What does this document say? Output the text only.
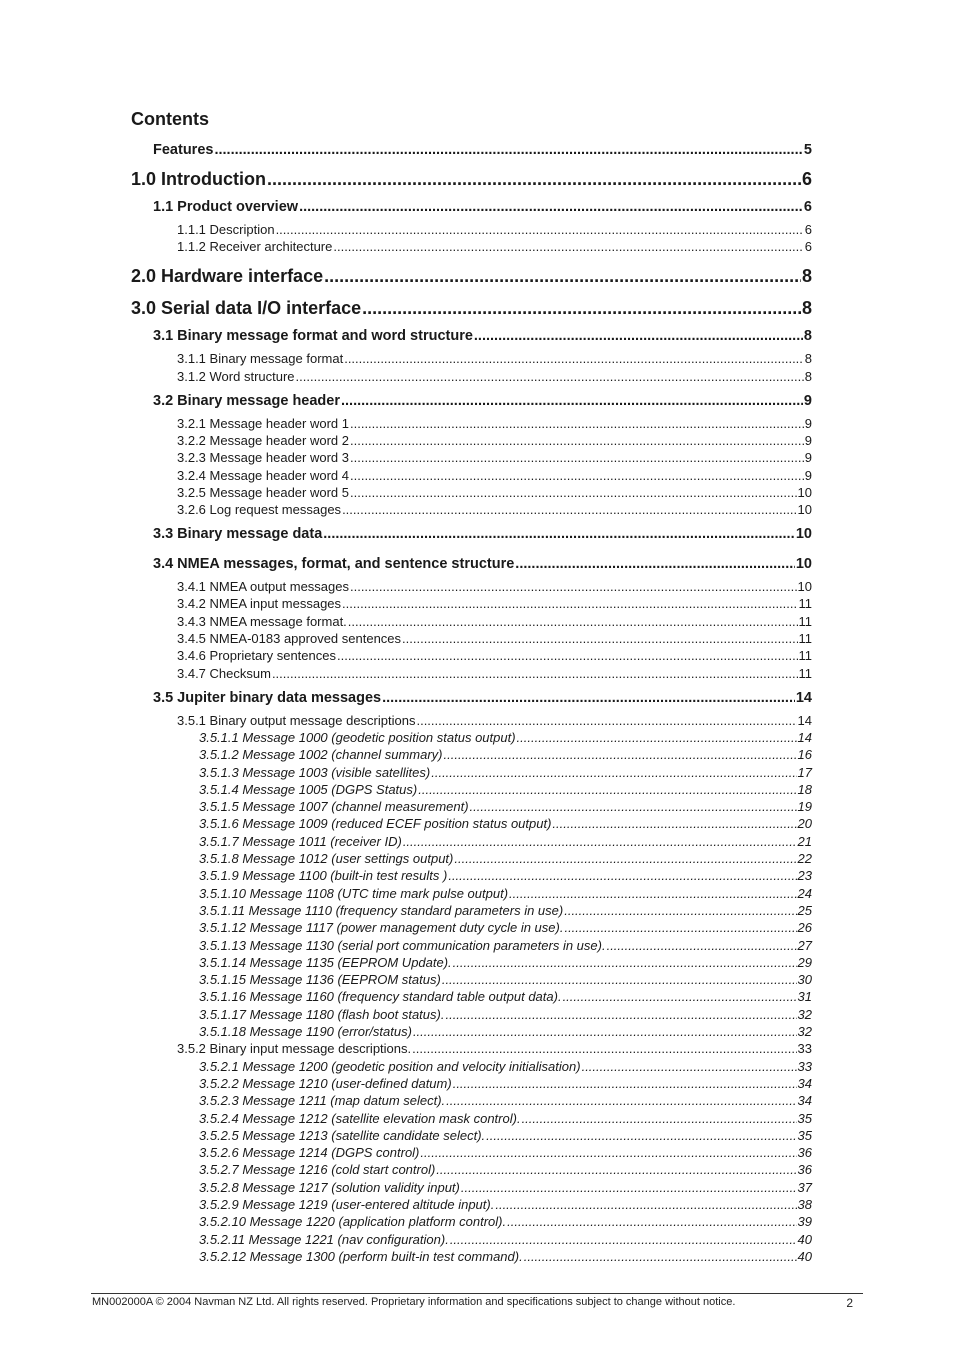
Contents
Features .....	5
1.0 Introduction .....	6
1.1 Product overview .....	6
1.1.1 Description .....	6
1.1.2 Receiver architecture .....	6
2.0 Hardware interface .....	8
3.0 Serial data I/O interface .....	8
3.1 Binary message format and word structure .....	8
3.1.1 Binary message format .....	8
3.1.2 Word structure .....	8
3.2 Binary message header .....	9
3.2.1 Message header word 1 .....	9
3.2.2 Message header word 2 .....	9
3.2.3 Message header word 3 .....	9
3.2.4 Message header word 4 .....	9
3.2.5 Message header word 5 .....	10
3.2.6 Log request messages .....	10
3.3 Binary message data .....	10
3.4 NMEA messages, format, and sentence structure .....	10
3.4.1 NMEA output messages .....	10
3.4.2 NMEA input messages .....	11
3.4.3 NMEA message format. .....	11
3.4.5 NMEA-0183 approved sentences .....	11
3.4.6 Proprietary sentences .....	11
3.4.7 Checksum .....	11
3.5 Jupiter binary data messages .....	14
3.5.1 Binary output message descriptions .....	14
3.5.1.1 Message 1000 (geodetic position status output) .....	14
3.5.1.2 Message 1002 (channel summary) .....	16
3.5.1.3 Message 1003 (visible satellites) .....	17
3.5.1.4 Message 1005 (DGPS Status) .....	18
3.5.1.5 Message 1007 (channel measurement) .....	19
3.5.1.6 Message 1009 (reduced ECEF position status output) .....	20
3.5.1.7 Message 1011 (receiver ID) .....	21
3.5.1.8 Message 1012 (user settings output) .....	22
3.5.1.9 Message 1100 (built-in test results ) .....	23
3.5.1.10 Message 1108 (UTC time mark pulse output) .....	24
3.5.1.11 Message 1110 (frequency standard parameters in use) .....	25
3.5.1.12 Message 1117 (power management duty cycle in use). .....	26
3.5.1.13 Message 1130 (serial port communication parameters in use). .....	27
3.5.1.14 Message 1135 (EEPROM Update). .....	29
3.5.1.15 Message 1136 (EEPROM status) .....	30
3.5.1.16 Message 1160 (frequency standard table output data). .....	31
3.5.1.17 Message 1180 (flash boot status). .....	32
3.5.1.18 Message 1190 (error/status) .....	32
3.5.2 Binary input message descriptions. .....	33
3.5.2.1 Message 1200 (geodetic position and velocity initialisation) .....	33
3.5.2.2 Message 1210 (user-defined datum) .....	34
3.5.2.3 Message 1211 (map datum select). .....	34
3.5.2.4 Message 1212 (satellite elevation mask control). .....	35
3.5.2.5 Message 1213 (satellite candidate select). .....	35
3.5.2.6 Message 1214 (DGPS control) .....	36
3.5.2.7 Message 1216 (cold start control) .....	36
3.5.2.8 Message 1217 (solution validity input) .....	37
3.5.2.9 Message 1219 (user-entered altitude input). .....	38
3.5.2.10 Message 1220 (application platform control). .....	39
3.5.2.11 Message 1221 (nav configuration). .....	40
3.5.2.12 Message 1300 (perform built-in test command). .....	40
MN002000A © 2004 Navman NZ Ltd. All rights reserved. Proprietary information and specifications subject to change without notice.	2
